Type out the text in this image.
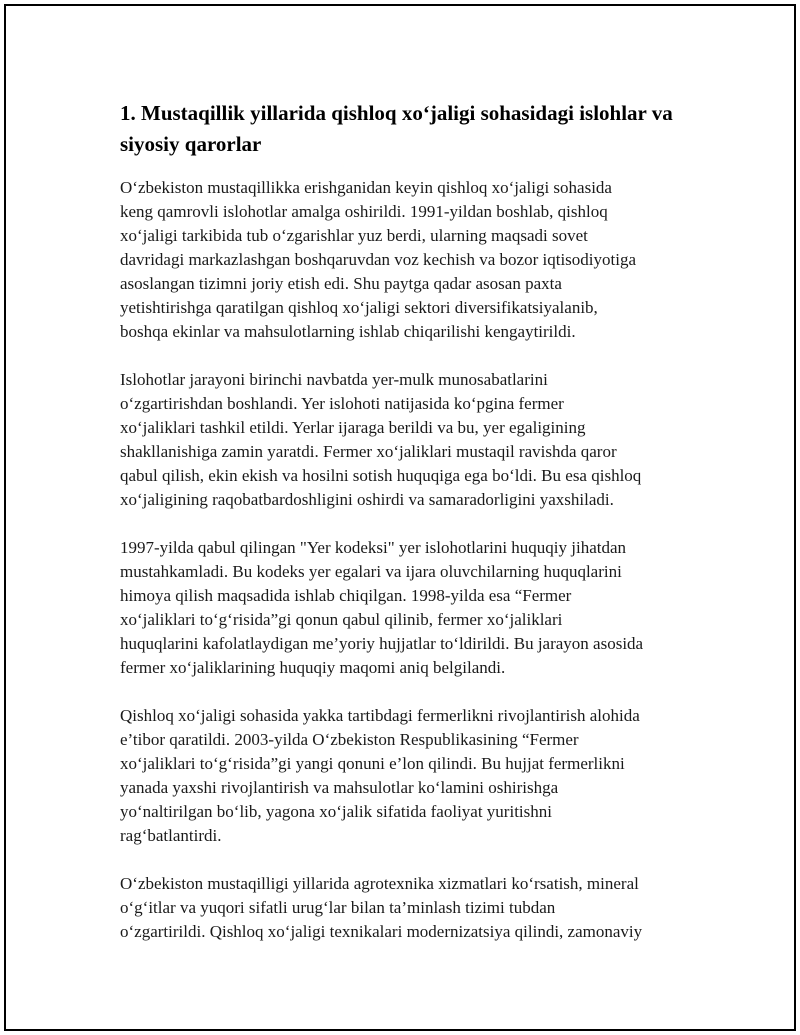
1. Mustaqillik yillarida qishloq xo‘jaligi sohasidagi islohlar va siyosiy qarorlar

O‘zbekiston mustaqillikka erishganidan keyin qishloq xo‘jaligi sohasida
keng qamrovli islohotlar amalga oshirildi. 1991-yildan boshlab, qishloq
xo‘jaligi tarkibida tub o‘zgarishlar yuz berdi, ularning maqsadi sovet
davridagi markazlashgan boshqaruvdan voz kechish va bozor iqtisodiyotiga
asoslangan tizimni joriy etish edi. Shu paytga qadar asosan paxta
yetishtirishga qaratilgan qishloq xo‘jaligi sektori diversifikatsiyalanib,
boshqa ekinlar va mahsulotlarning ishlab chiqarilishi kengaytirildi.

Islohotlar jarayoni birinchi navbatda yer-mulk munosabatlarini
o‘zgartirishdan boshlandi. Yer islohoti natijasida ko‘pgina fermer
xo‘jaliklari tashkil etildi. Yerlar ijaraga berildi va bu, yer egaligining
shakllanishiga zamin yaratdi. Fermer xo‘jaliklari mustaqil ravishda qaror
qabul qilish, ekin ekish va hosilni sotish huquqiga ega bo‘ldi. Bu esa qishloq
xo‘jaligining raqobatbardoshligini oshirdi va samaradorligini yaxshiladi.

1997-yilda qabul qilingan "Yer kodeksi" yer islohotlarini huquqiy jihatdan
mustahkamladi. Bu kodeks yer egalari va ijara oluvchilarning huquqlarini
himoya qilish maqsadida ishlab chiqilgan. 1998-yilda esa “Fermer
xo‘jaliklari to‘g‘risida”gi qonun qabul qilinib, fermer xo‘jaliklari
huquqlarini kafolatlaydigan me’yoriy hujjatlar to‘ldirildi. Bu jarayon asosida
fermer xo‘jaliklarining huquqiy maqomi aniq belgilandi.

Qishloq xo‘jaligi sohasida yakka tartibdagi fermerlikni rivojlantirish alohida
e’tibor qaratildi. 2003-yilda O‘zbekiston Respublikasining “Fermer
xo‘jaliklari to‘g‘risida”gi yangi qonuni e’lon qilindi. Bu hujjat fermerlikni
yanada yaxshi rivojlantirish va mahsulotlar ko‘lamini oshirishga
yo‘naltirilgan bo‘lib, yagona xo‘jalik sifatida faoliyat yuritishni
rag‘batlantirdi.

O‘zbekiston mustaqilligi yillarida agrotexnika xizmatlari ko‘rsatish, mineral
o‘g‘itlar va yuqori sifatli urug‘lar bilan ta’minlash tizimi tubdan
o‘zgartirildi. Qishloq xo‘jaligi texnikalari modernizatsiya qilindi, zamonaviy
